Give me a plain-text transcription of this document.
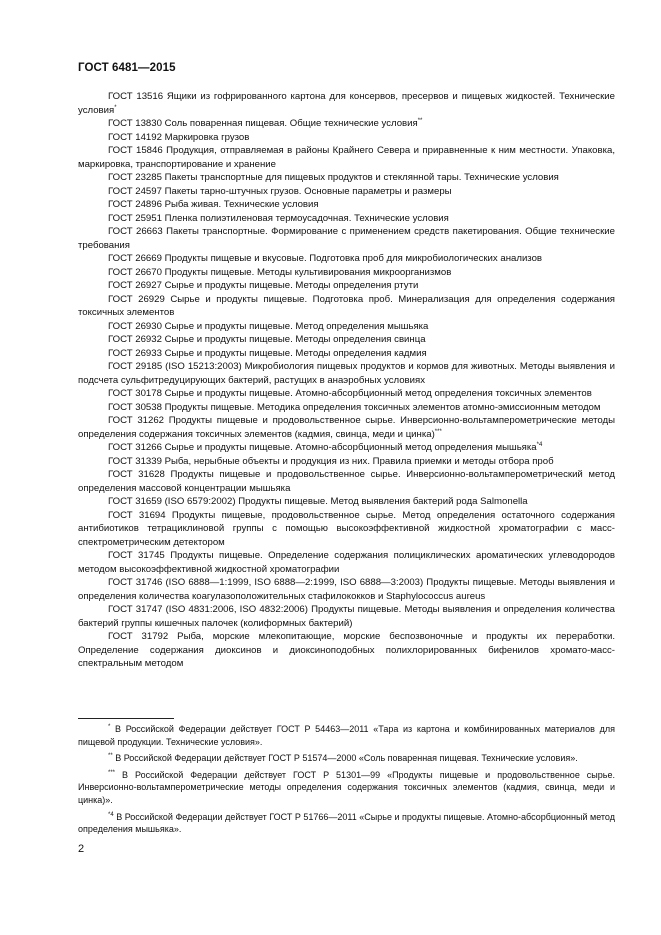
ГОСТ 6481—2015

ГОСТ 13516 Ящики из гофрированного картона для консервов, пресервов и пищевых жидкостей. Технические условия*

ГОСТ 13830 Соль поваренная пищевая. Общие технические условия**

ГОСТ 14192 Маркировка грузов

ГОСТ 15846 Продукция, отправляемая в районы Крайнего Севера и приравненные к ним местности. Упаковка, маркировка, транспортирование и хранение

ГОСТ 23285 Пакеты транспортные для пищевых продуктов и стеклянной тары. Технические условия

ГОСТ 24597 Пакеты тарно-штучных грузов. Основные параметры и размеры

ГОСТ 24896 Рыба живая. Технические условия

ГОСТ 25951 Пленка полиэтиленовая термоусадочная. Технические условия

ГОСТ 26663 Пакеты транспортные. Формирование с применением средств пакетирования. Общие технические требования

ГОСТ 26669 Продукты пищевые и вкусовые. Подготовка проб для микробиологических анализов

ГОСТ 26670 Продукты пищевые. Методы культивирования микроорганизмов

ГОСТ 26927 Сырье и продукты пищевые. Методы определения ртути

ГОСТ 26929 Сырье и продукты пищевые. Подготовка проб. Минерализация для определения содержания токсичных элементов

ГОСТ 26930 Сырье и продукты пищевые. Метод определения мышьяка

ГОСТ 26932 Сырье и продукты пищевые. Методы определения свинца

ГОСТ 26933 Сырье и продукты пищевые. Методы определения кадмия

ГОСТ 29185 (ISO 15213:2003) Микробиология пищевых продуктов и кормов для животных. Методы выявления и подсчета сульфитредуцирующих бактерий, растущих в анаэробных условиях

ГОСТ 30178 Сырье и продукты пищевые. Атомно-абсорбционный метод определения токсичных элементов

ГОСТ 30538 Продукты пищевые. Методика определения токсичных элементов атомно-эмиссионным методом

ГОСТ 31262 Продукты пищевые и продовольственное сырье. Инверсионно-вольтамперометрические методы определения содержания токсичных элементов (кадмия, свинца, меди и цинка)***

ГОСТ 31266 Сырье и продукты пищевые. Атомно-абсорбционный метод определения мышьяка$^{*4}$

ГОСТ 31339 Рыба, нерыбные объекты и продукция из них. Правила приемки и методы отбора проб

ГОСТ 31628 Продукты пищевые и продовольственное сырье. Инверсионно-вольтамперометрический метод определения массовой концентрации мышьяка

ГОСТ 31659 (ISO 6579:2002) Продукты пищевые. Метод выявления бактерий рода Salmonella

ГОСТ 31694 Продукты пищевые, продовольственное сырье. Метод определения остаточного содержания антибиотиков тетрациклиновой группы с помощью высокоэффективной жидкостной хроматографии с масс-спектрометрическим детектором

ГОСТ 31745 Продукты пищевые. Определение содержания полициклических ароматических углеводородов методом высокоэффективной жидкостной хроматографии

ГОСТ 31746 (ISO 6888—1:1999, ISO 6888—2:1999, ISO 6888—3:2003) Продукты пищевые. Методы выявления и определения количества коагулазоположительных стафилококков и Staphylococcus aureus

ГОСТ 31747 (ISO 4831:2006, ISO 4832:2006) Продукты пищевые. Методы выявления и определения количества бактерий группы кишечных палочек (колиформных бактерий)

ГОСТ 31792 Рыба, морские млекопитающие, морские беспозвоночные и продукты их переработки. Определение содержания диоксинов и диоксиноподобных полихлорированных бифенилов хромато-масс-спектральным методом

* В Российской Федерации действует ГОСТ Р 54463—2011 «Тара из картона и комбинированных материалов для пищевой продукции. Технические условия».

** В Российской Федерации действует ГОСТ Р 51574—2000 «Соль поваренная пищевая. Технические условия».

*** В Российской Федерации действует ГОСТ Р 51301—99 «Продукты пищевые и продовольственное сырье. Инверсионно-вольтамперометрические методы определения содержания токсичных элементов (кадмия, свинца, меди и цинка)».

$^{*4}$ В Российской Федерации действует ГОСТ Р 51766—2011 «Сырье и продукты пищевые. Атомно-абсорбционный метод определения мышьяка».

2
